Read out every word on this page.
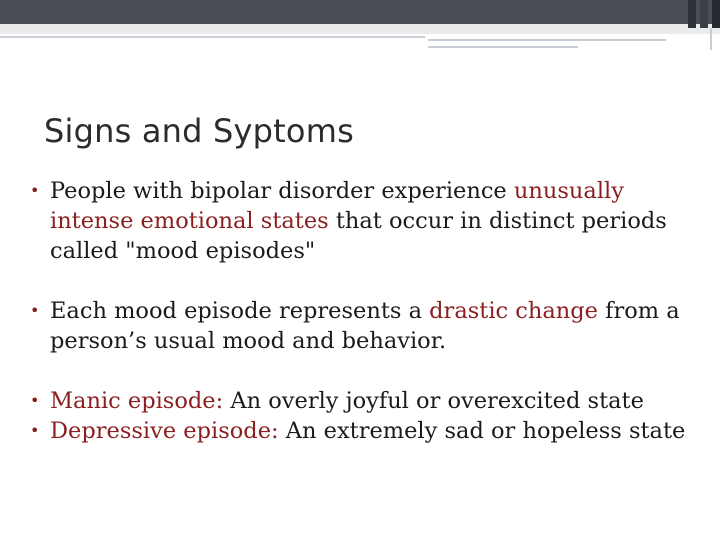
Signs and Syptoms
• People with bipolar disorder experience unusually intense emotional states that occur in distinct periods called "mood episodes"
• Each mood episode represents a drastic change from a person’s usual mood and behavior.
• Manic episode: An overly joyful or overexcited state
• Depressive episode: An extremely sad or hopeless state
